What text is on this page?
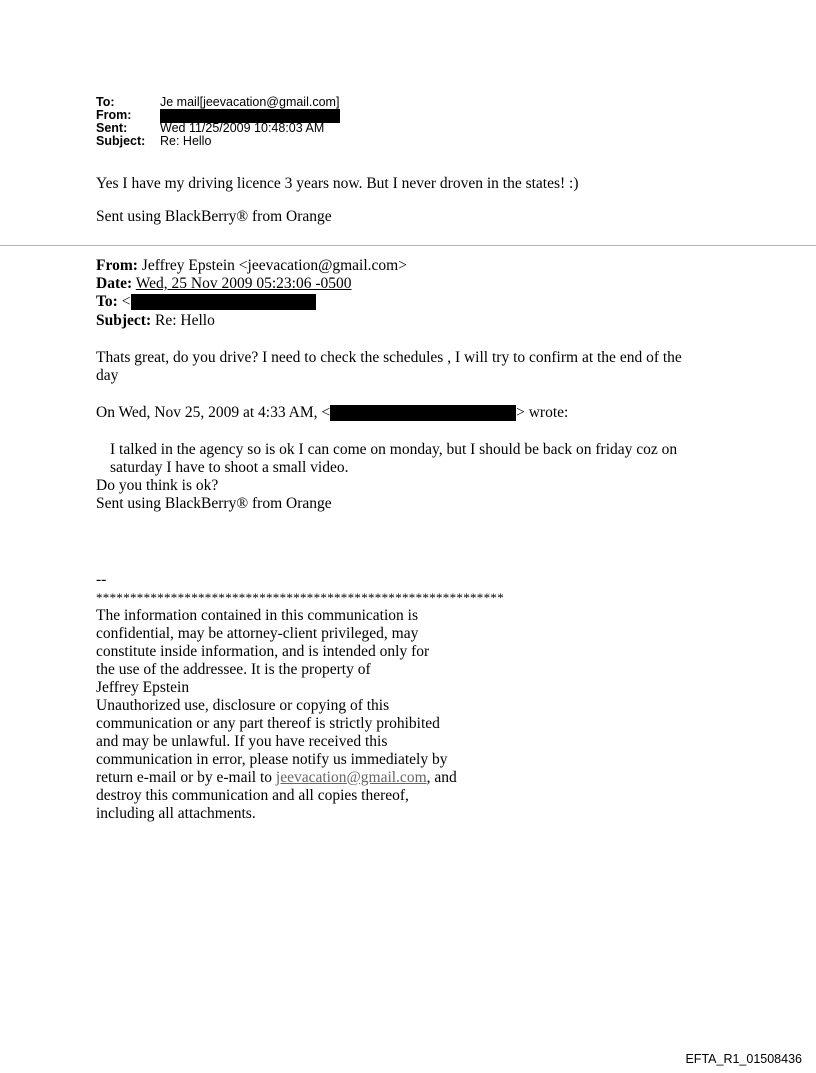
To:	Je mail[jeevacation@gmail.com]
From:
Sent:	Wed 11/25/2009 10:48:03 AM
Subject: Re: Hello
Yes I have my driving licence 3 years now. But I never droven in the states! :)
Sent using BlackBerry® from Orange
From: Jeffrey Epstein <jeevacation@gmail.com>
Date: Wed, 25 Nov 2009 05:23:06 -0500
To: <
Subject: Re: Hello
Thats great, do you drive? I need to check the schedules , I will try to confirm at the end of the
day
On Wed, Nov 25, 2009 at 4:33 AM, <	> wrote:
I talked in the agency so is ok I can come on monday, but I should be back on friday coz on
saturday I have to shoot a small video.
Do you think is ok?
Sent using BlackBerry® from Orange
--
************************************************************
The information contained in this communication is
confidential, may be attorney-client privileged, may
constitute inside information, and is intended only for
the use of the addressee. It is the property of
Jeffrey Epstein
Unauthorized use, disclosure or copying of this
communication or any part thereof is strictly prohibited
and may be unlawful. If you have received this
communication in error, please notify us immediately by
return e-mail or by e-mail to jeevacation@gmail.com, and
destroy this communication and all copies thereof,
including all attachments.
EFTA_R1_01508436
